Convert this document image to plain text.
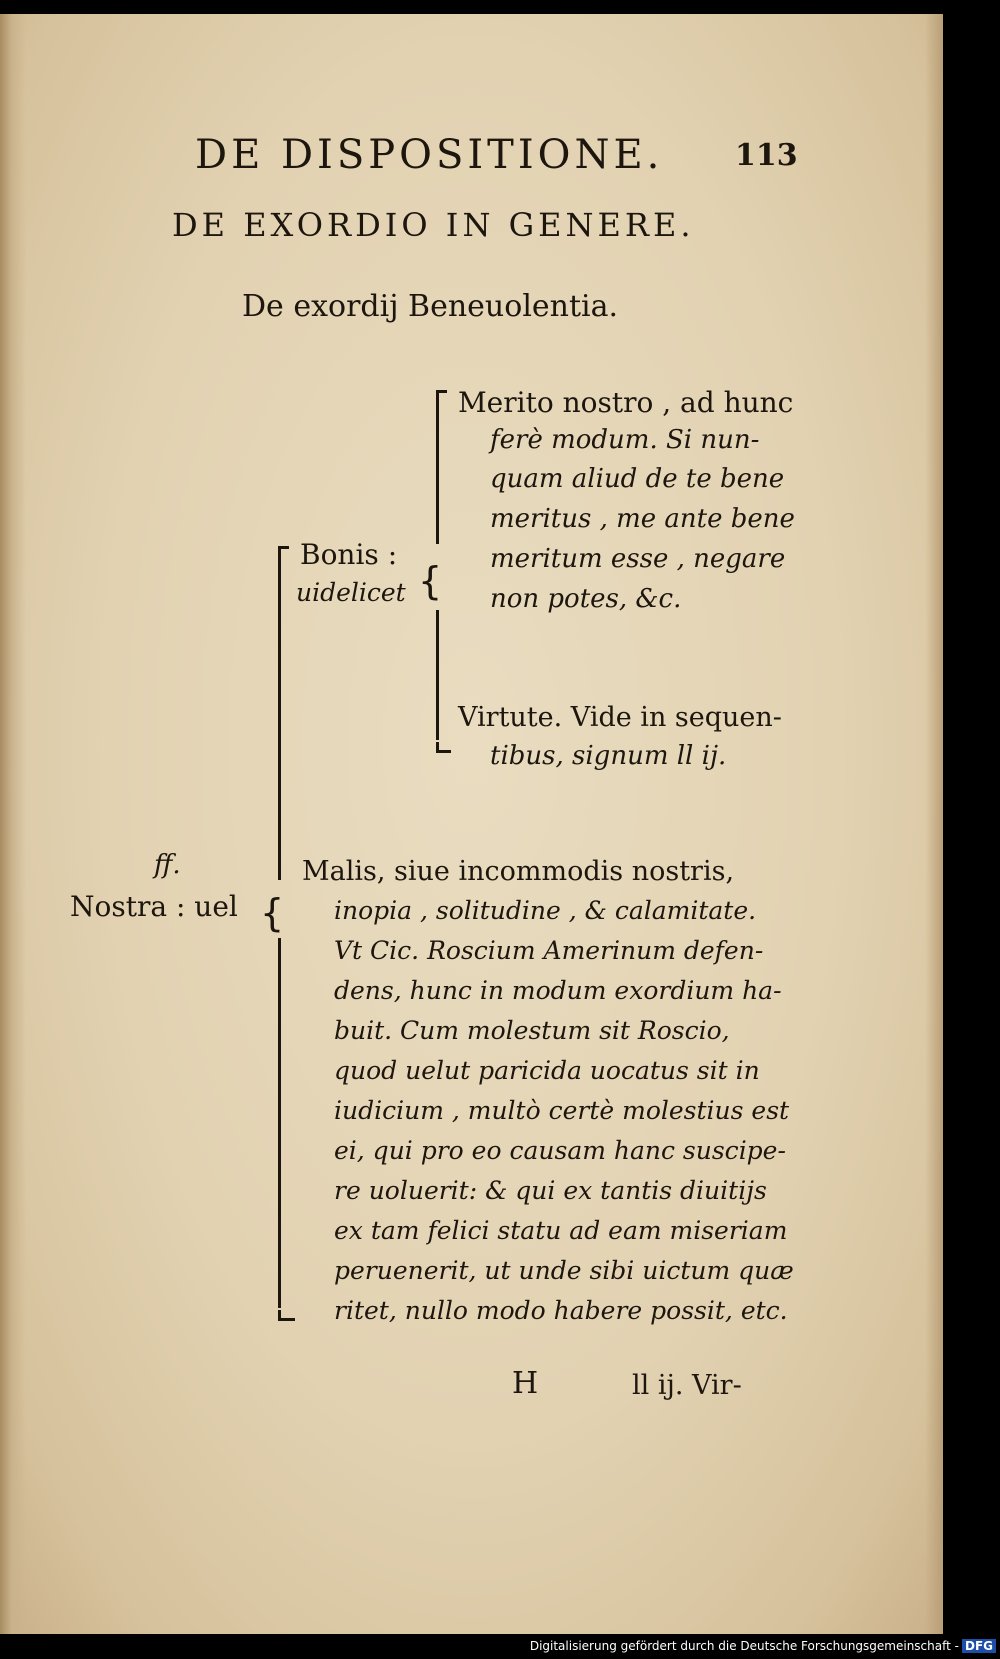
DE DISPOSITIONE. 113
DE EXORDIO IN GENERE.
De exordij Beneuolentia.
{
Merito nostro , ad hunc
ferè modum. Si nun-
quam aliud de te bene
meritus , me ante bene
meritum esse , negare
non potes, &c.
Virtute. Vide in sequen-
tibus, signum ll ij.
Bonis :
uidelicet
{
ff.
Nostra : uel
Malis, siue incommodis nostris,
inopia , solitudine , & calamitate.
Vt Cic. Roscium Amerinum defen-
dens, hunc in modum exordium ha-
buit. Cum molestum sit Roscio,
quod uelut paricida uocatus sit in
iudicium , multò certè molestius est
ei, qui pro eo causam hanc suscipe-
re uoluerit: & qui ex tantis diuitijs
ex tam felici statu ad eam miseriam
peruenerit, ut unde sibi uictum quæ
ritet, nullo modo habere possit, etc.
H	ll ij. Vir-
Digitalisierung gefördert durch die Deutsche Forschungsgemeinschaft - DFG
